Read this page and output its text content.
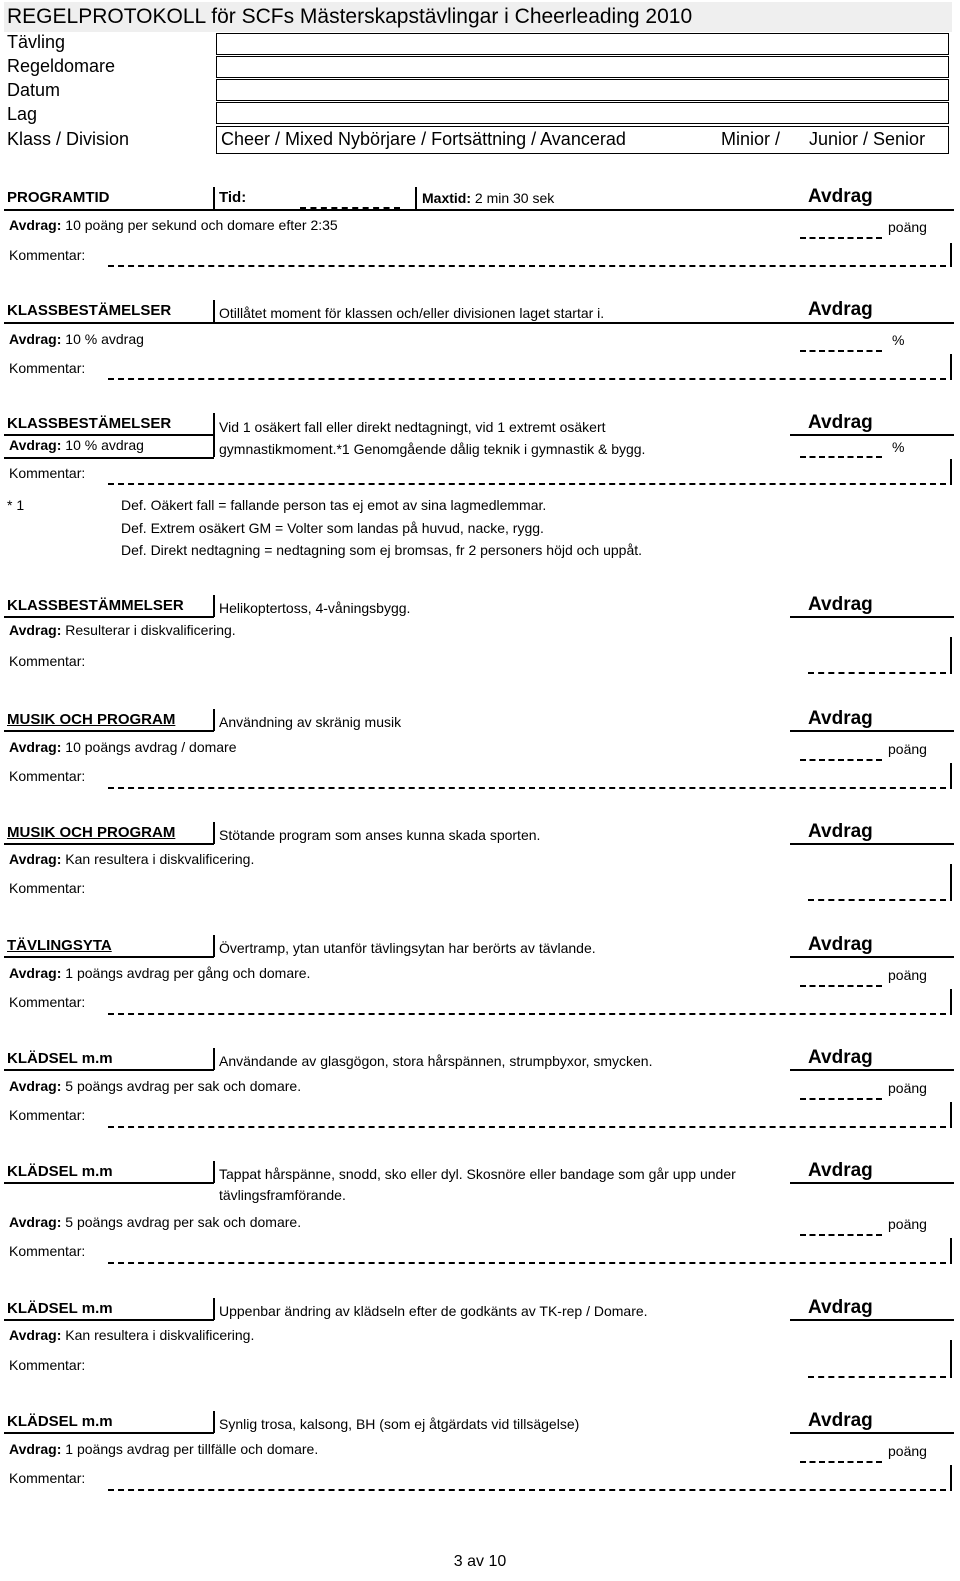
REGELPROTOKOLL för SCFs Mästerskapstävlingar i Cheerleading 2010
Tävling
Regeldomare
Datum
Lag
Klass / Division	Cheer / Mixed Nybörjare / Fortsättning / Avancerad	Minior / Junior / Senior
PROGRAMTID	Tid:	Maxtid: 2 min 30 sek	Avdrag
Avdrag: 10 poäng per sekund och domare efter 2:35	poäng
Kommentar:
KLASSBESTÄMELSER	Otillåtet moment för klassen och/eller divisionen laget startar i.	Avdrag
Avdrag: 10 % avdrag	%
Kommentar:
KLASSBESTÄMELSER	Vid 1 osäkert fall eller direkt nedtagningt, vid 1 extremt osäkert gymnastikmoment.*1 Genomgående dålig teknik i gymnastik & bygg.
Avdrag
Avdrag: 10 % avdrag	%
Kommentar:
* 1	Def. Oäkert fall = fallande person tas ej emot av sina lagmedlemmar.
Def. Extrem osäkert GM = Volter som landas på huvud, nacke, rygg.
Def. Direkt nedtagning = nedtagning som ej bromsas, fr 2 personers höjd och uppåt.
KLASSBESTÄMMELSER	Helikoptertoss, 4-våningsbygg.	Avdrag
Avdrag: Resulterar i diskvalificering.
Kommentar:
MUSIK OCH PROGRAM	Användning av skränig musik	Avdrag
Avdrag: 10 poängs avdrag / domare	poäng
Kommentar:
MUSIK OCH PROGRAM	Stötande program som anses kunna skada sporten.	Avdrag
Avdrag: Kan resultera i diskvalificering.
Kommentar:
TÄVLINGSYTA	Övertramp, ytan utanför tävlingsytan har berörts av tävlande.	Avdrag
Avdrag: 1 poängs avdrag per gång och domare.	poäng
Kommentar:
KLÄDSEL m.m	Användande av glasgögon, stora hårspännen, strumpbyxor, smycken.	Avdrag
Avdrag: 5 poängs avdrag per sak och domare.	poäng
Kommentar:
KLÄDSEL m.m	Tappat hårspänne, snodd, sko eller dyl. Skosnöre eller bandage som går upp under tävlingsframförande.
Avdrag
Avdrag: 5 poängs avdrag per sak och domare.	poäng
Kommentar:
KLÄDSEL m.m	Uppenbar ändring av klädseln efter de godkänts av TK-rep / Domare.	Avdrag
Avdrag: Kan resultera i diskvalificering.
Kommentar:
KLÄDSEL m.m	Synlig trosa, kalsong, BH (som ej åtgärdats vid tillsägelse)	Avdrag
Avdrag: 1 poängs avdrag per tillfälle och domare.	poäng
Kommentar:
3 av 10
